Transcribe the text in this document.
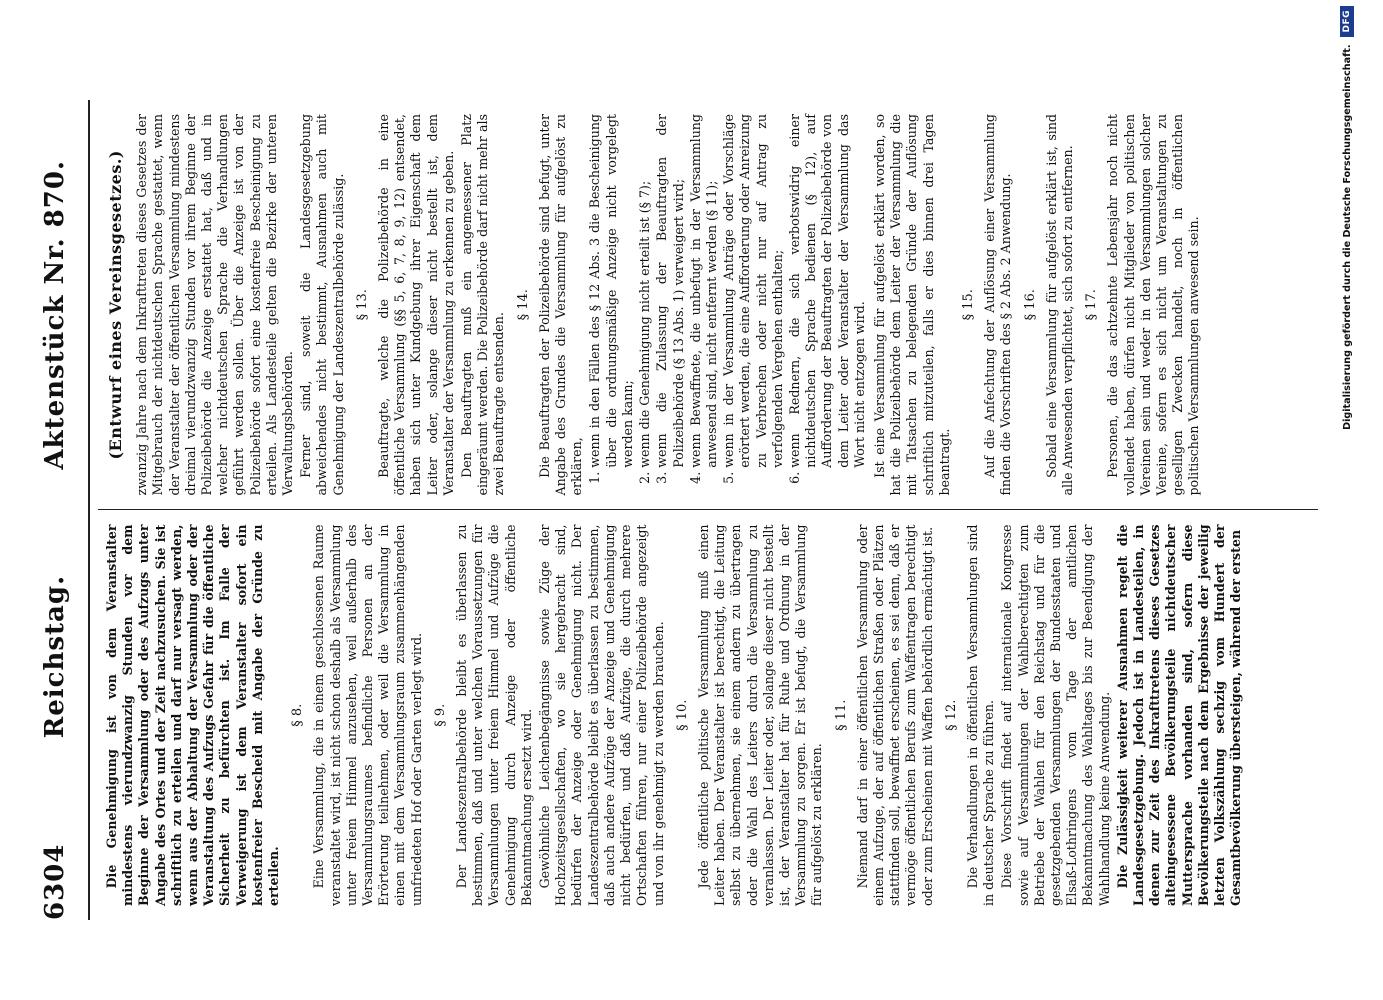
6304
Reichstag.
Aktenstück Nr. 870.

Die Genehmigung ist von dem Veranstalter mindestens vierundzwanzig Stunden vor dem Beginne der Versammlung oder des Aufzugs unter Angabe des Ortes und der Zeit nachzusuchen. Sie ist schriftlich zu erteilen und darf nur versagt werden, wenn aus der Abhaltung der Versammlung oder der Veranstaltung des Aufzugs Gefahr für die öffentliche Sicherheit zu befürchten ist. Im Falle der Verweigerung ist dem Veranstalter sofort ein kostenfreier Bescheid mit Angabe der Gründe zu erteilen.

§ 8. Eine Versammlung, die in einem geschlossenen Raume veranstaltet wird, ist nicht schon deshalb als Versammlung unter freiem Himmel anzusehen, weil außerhalb des Versammlungsraumes befindliche Personen an der Erörterung teilnehmen, oder weil die Versammlung in einen mit dem Versammlungsraum zusammenhängenden umfriedeten Hof oder Garten verlegt wird. § 9. Der Landeszentralbehörde bleibt es überlassen zu bestimmen, daß und unter welchen Voraussetzungen für Versammlungen unter freiem Himmel und Aufzüge die Genehmigung durch Anzeige oder öffentliche Bekanntmachung ersetzt wird. Gewöhnliche Leichenbegängnisse sowie Züge der Hochzeitsgesellschaften, wo sie hergebracht sind, bedürfen der Anzeige oder Genehmigung nicht. Der Landeszentralbehörde bleibt es überlassen zu bestimmen, daß auch andere Aufzüge der Anzeige und Genehmigung nicht bedürfen, und daß Aufzüge, die durch mehrere Ortschaften führen, nur einer Polizeibehörde angezeigt und von ihr genehmigt zu werden brauchen. § 10. Jede öffentliche politische Versammlung muß einen Leiter haben. Der Veranstalter ist berechtigt, die Leitung selbst zu übernehmen, sie einem andern zu übertragen oder die Wahl des Leiters durch die Versammlung zu veranlassen. Der Leiter oder, solange dieser nicht bestellt ist, der Veranstalter hat für Ruhe und Ordnung in der Versammlung zu sorgen. Er ist befugt, die Versammlung für aufgelöst zu erklären.

§ 11. Niemand darf in einer öffentlichen Versammlung oder einem Aufzuge, der auf öffentlichen Straßen oder Plätzen stattfinden soll, bewaffnet erscheinen, es sei denn, daß er vermöge öffentlichen Berufs zum Waffentragen berechtigt oder zum Erscheinen mit Waffen behördlich ermächtigt ist. § 12. Die Verhandlungen in öffentlichen Versammlungen sind in deutscher Sprache zu führen. Diese Vorschrift findet auf internationale Kongresse sowie auf Versammlungen der Wahlberechtigten zum Betriebe der Wahlen für den Reichstag und für die gesetzgebenden Versammlungen der Bundesstaaten und Elsaß-Lothringens vom Tage der amtlichen Bekanntmachung des Wahltages bis zur Beendigung der Wahlhandlung keine Anwendung. Die Zulässigkeit weiterer Ausnahmen regelt die Landesgesetzgebung. Jedoch ist in Landesteilen, in denen zur Zeit des Inkrafttretens dieses Gesetzes alteingesessene Bevölkerungsteile nichtdeutscher Muttersprache vorhanden sind, sofern diese Bevölkerungsteile nach dem Ergebnisse der jeweilig letzten Volkszählung sechzig vom Hundert der Gesamtbevölkerung übersteigen, während der ersten

(Entwurf eines Vereinsgesetzes.) zwanzig Jahre nach dem Inkrafttreten dieses Gesetzes der Mitgebrauch der nichtdeutschen Sprache gestattet, wenn der Veranstalter der öffentlichen Versammlung mindestens dreimal vierundzwanzig Stunden vor ihrem Beginne der Polizeibehörde die Anzeige erstattet hat, daß und in welcher nichtdeutschen Sprache die Verhandlungen geführt werden sollen. Über die Anzeige ist von der Polizeibehörde sofort eine kostenfreie Bescheinigung zu erteilen. Als Landesteile gelten die Bezirke der unteren Verwaltungsbehörden. Ferner sind, soweit die Landesgesetzgebung abweichendes nicht bestimmt, Ausnahmen auch mit Genehmigung der Landeszentralbehörde zulässig. § 13. Beauftragte, welche die Polizeibehörde in eine öffentliche Versammlung (§§ 5, 6, 7, 8, 9, 12) entsendet, haben sich unter Kundgebung ihrer Eigenschaft dem Leiter oder, solange dieser nicht bestellt ist, dem Veranstalter der Versammlung zu erkennen zu geben. Den Beauftragten muß ein angemessener Platz eingeräumt werden. Die Polizeibehörde darf nicht mehr als zwei Beauftragte entsenden.

§ 14. Die Beauftragten der Polizeibehörde sind befugt, unter Angabe des Grundes die Versammlung für aufgelöst zu erklären, 1. wenn in den Fällen des § 12 Abs. 3 die Bescheinigung über die ordnungsmäßige Anzeige nicht vorgelegt werden kann; 2. wenn die Genehmigung nicht erteilt ist (§ 7); 3. wenn die Zulassung der Beauftragten der Polizeibehörde (§ 13 Abs. 1) verweigert wird; 4. wenn Bewaffnete, die unbefugt in der Versammlung anwesend sind, nicht entfernt werden (§ 11); 5. wenn in der Versammlung Anträge oder Vorschläge erörtert werden, die eine Aufforderung oder Anreizung zu Verbrechen oder nicht nur auf Antrag zu verfolgenden Vergehen enthalten; 6. wenn Rednern, die sich verbotswidrig einer nichtdeutschen Sprache bedienen (§ 12), auf Aufforderung der Beauftragten der Polizeibehörde von dem Leiter oder Veranstalter der Versammlung das Wort nicht entzogen wird. Ist eine Versammlung für aufgelöst erklärt worden, so hat die Polizeibehörde dem Leiter der Versammlung die mit Tatsachen zu belegenden Gründe der Auflösung schriftlich mitzuteilen, falls er dies binnen drei Tagen beantragt.

§ 15. Auf die Anfechtung der Auflösung einer Versammlung finden die Vorschriften des § 2 Abs. 2 Anwendung. § 16. Sobald eine Versammlung für aufgelöst erklärt ist, sind alle Anwesenden verpflichtet, sich sofort zu entfernen. § 17. Personen, die das achtzehnte Lebensjahr noch nicht vollendet haben, dürfen nicht Mitglieder von politischen Vereinen sein und weder in den Versammlungen solcher Vereine, sofern es sich nicht um Veranstaltungen zu geselligen Zwecken handelt, noch in öffentlichen politischen Versammlungen anwesend sein.	Digitalisierung gefördert durch die Deutsche Forschungsgemeinschaft.
DFG
